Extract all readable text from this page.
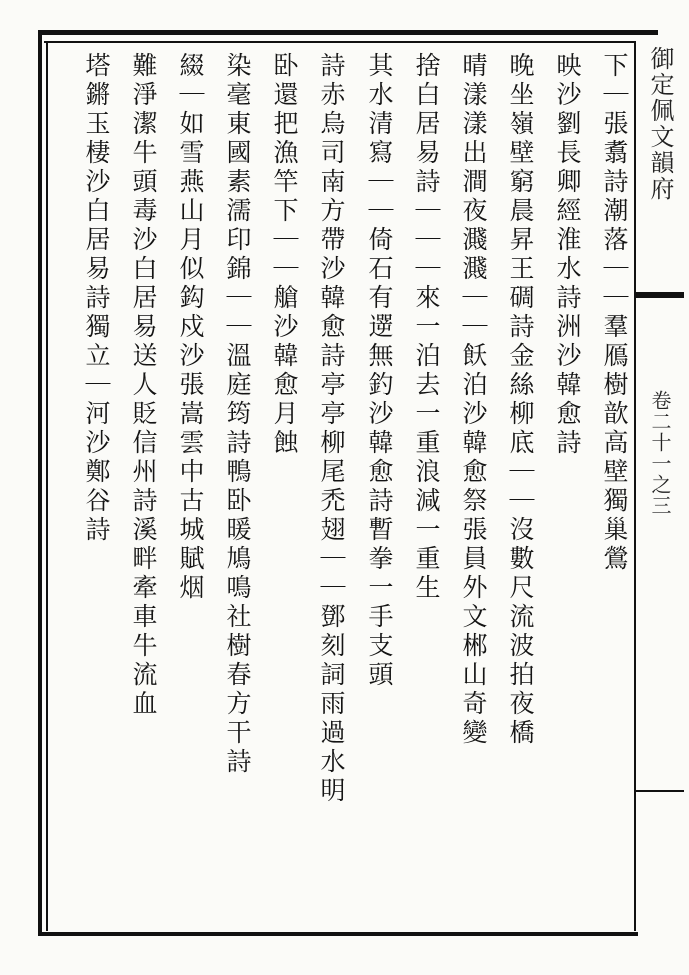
御定佩文韻府
卷二十一之三
下｜張翥詩潮落｜｜羣鴈樹歆高壁獨巢鶯
映沙劉長卿經淮水詩洲沙韓愈詩
晚坐嶺壁窮晨昇王碉詩金絲柳底｜｜沒數尺流波拍夜橋
晴漾漾出澗夜濺濺｜｜飫泊沙韓愈祭張員外文郴山奇變
捨白居易詩｜｜｜來一泊去一重浪減一重生
其水清寫｜｜倚石有遻無釣沙韓愈詩暫拳一手支頭
詩赤烏司南方帶沙韓愈詩亭亭柳尾禿翅｜｜鄧刻詞雨過水明
卧還把漁竿下｜｜艙沙韓愈月蝕
染毫東國素濡印錦｜｜溫庭筠詩鴨卧暖鳩鳴社樹春方干詩
綴｜如雪燕山月似鈎戍沙張嵩雲中古城賦烟
難淨潔牛頭毒沙白居易送人貶信州詩溪畔牽車牛流血
塔鏘玉棲沙白居易詩獨立｜河沙鄭谷詩
